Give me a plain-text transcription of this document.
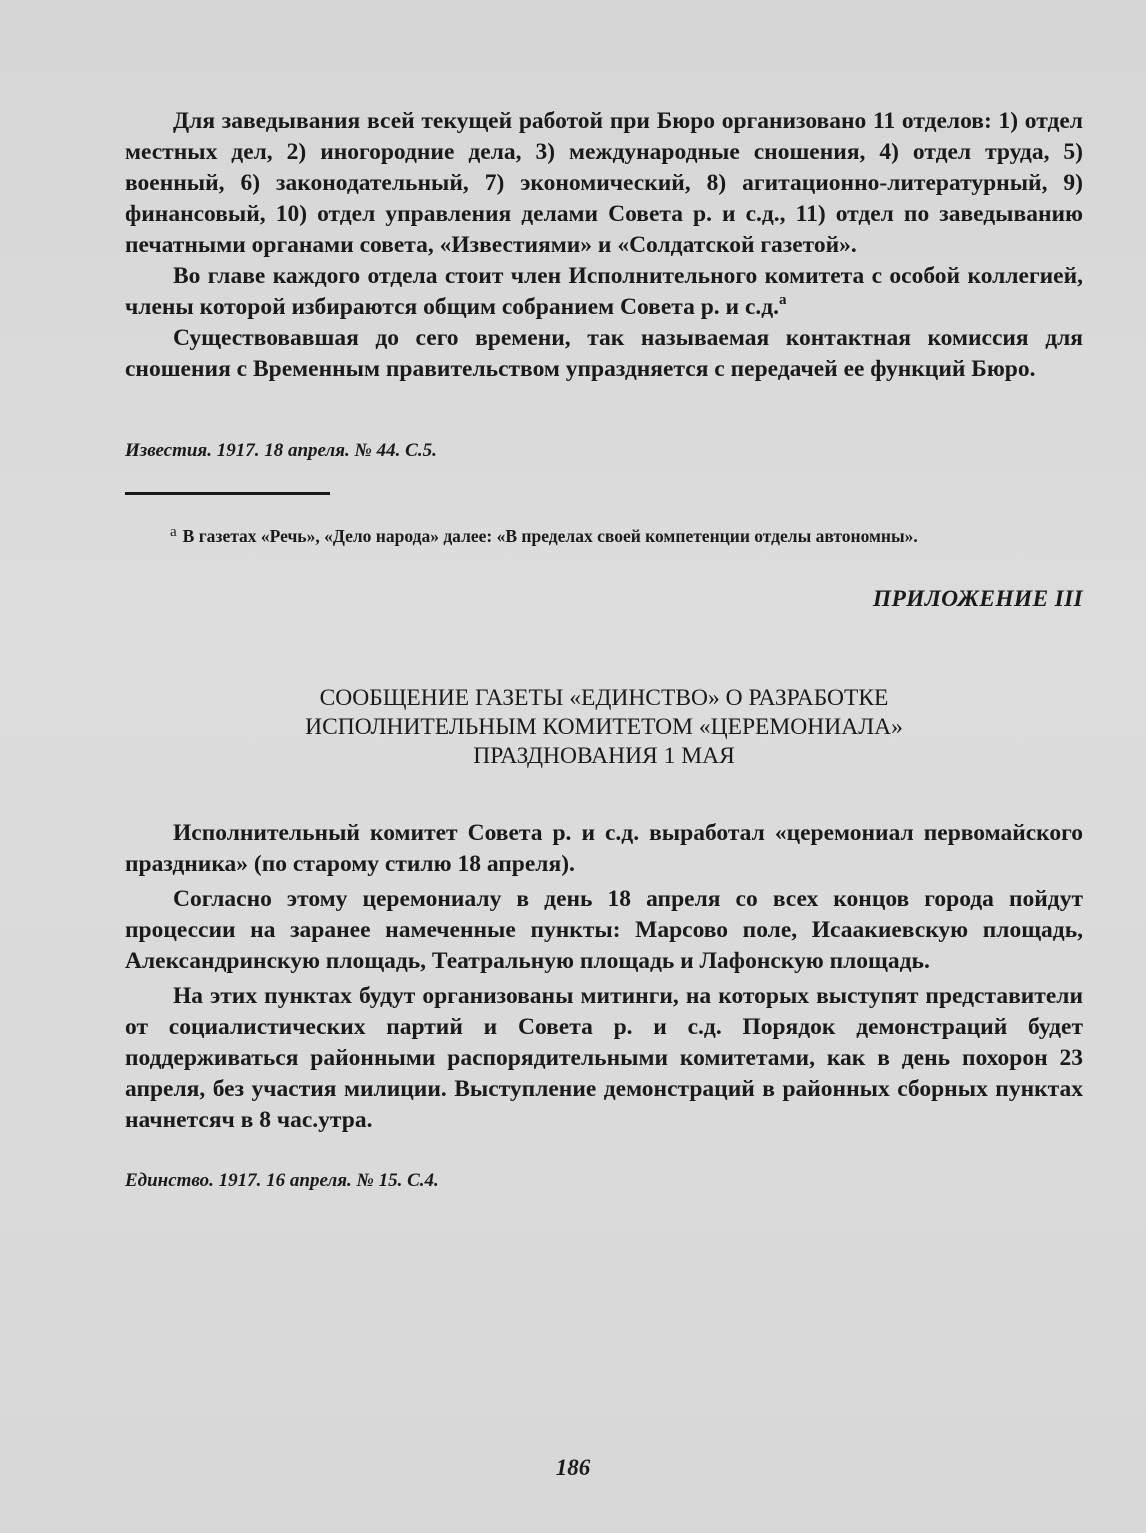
Для заведывания всей текущей работой при Бюро организовано 11 отделов: 1) отдел местных дел, 2) иногородние дела, 3) международные сношения, 4) отдел труда, 5) военный, 6) законодательный, 7) экономический, 8) агитационно-литературный, 9) финансовый, 10) отдел управления делами Совета р. и с.д., 11) отдел по заведыванию печатными органами совета, «Известиями» и «Солдатской газетой».

Во главе каждого отдела стоит член Исполнительного комитета с особой коллегией, члены которой избираются общим собранием Совета р. и с.д.$^a$

Существовавшая до сего времени, так называемая контактная комиссия для сношения с Временным правительством упраздняется с передачей ее функций Бюро.

Известия. 1917. 18 апреля. № 44. С.5.

$^a$ В газетах «Речь», «Дело народа» далее: «В пределах своей компетенции отделы автономны».

ПРИЛОЖЕНИЕ III

СООБЩЕНИЕ ГАЗЕТЫ «ЕДИНСТВО» О РАЗРАБОТКЕ
ИСПОЛНИТЕЛЬНЫМ КОМИТЕТОМ «ЦЕРЕМОНИАЛА»
ПРАЗДНОВАНИЯ 1 МАЯ

Исполнительный комитет Совета р. и с.д. выработал «церемониал первомайского праздника» (по старому стилю 18 апреля).

Согласно этому церемониалу в день 18 апреля со всех концов города пойдут процессии на заранее намеченные пункты: Марсово поле, Исаакиевскую площадь, Александринскую площадь, Театральную площадь и Лафонскую площадь.

На этих пунктах будут организованы митинги, на которых выступят представители от социалистических партий и Совета р. и с.д. Порядок демонстраций будет поддерживаться районными распорядительными комитетами, как в день похорон 23 апреля, без участия милиции. Выступление демонстраций в районных сборных пунктах начнетсяч в 8 час.утра.

Единство. 1917. 16 апреля. № 15. С.4.

186
